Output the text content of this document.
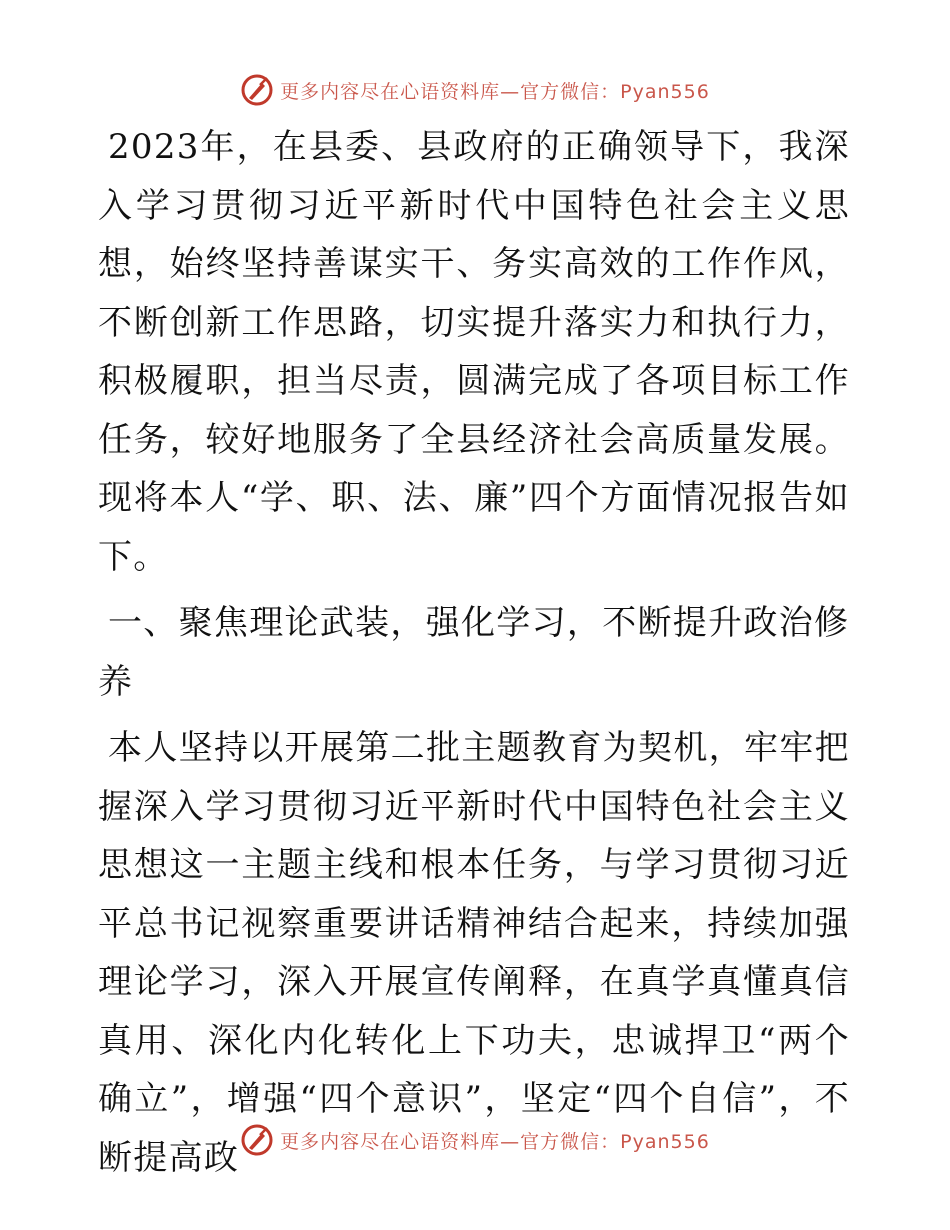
更多内容尽在心语资料库—官方微信：Pyan556

2023年，在县委、县政府的正确领导下，我深入学习贯彻习近平新时代中国特色社会主义思想，始终坚持善谋实干、务实高效的工作作风，不断创新工作思路，切实提升落实力和执行力，积极履职，担当尽责，圆满完成了各项目标工作任务，较好地服务了全县经济社会高质量发展。现将本人“学、职、法、廉”四个方面情况报告如下。

一、聚焦理论武装，强化学习，不断提升政治修养

本人坚持以开展第二批主题教育为契机，牢牢把握深入学习贯彻习近平新时代中国特色社会主义思想这一主题主线和根本任务，与学习贯彻习近平总书记视察重要讲话精神结合起来，持续加强理论学习，深入开展宣传阐释，在真学真懂真信真用、深化内化转化上下功夫，忠诚捍卫“两个确立”，增强“四个意识”，坚定“四个自信”，不断提高政	更多内容尽在心语资料库—官方微信：Pyan556
